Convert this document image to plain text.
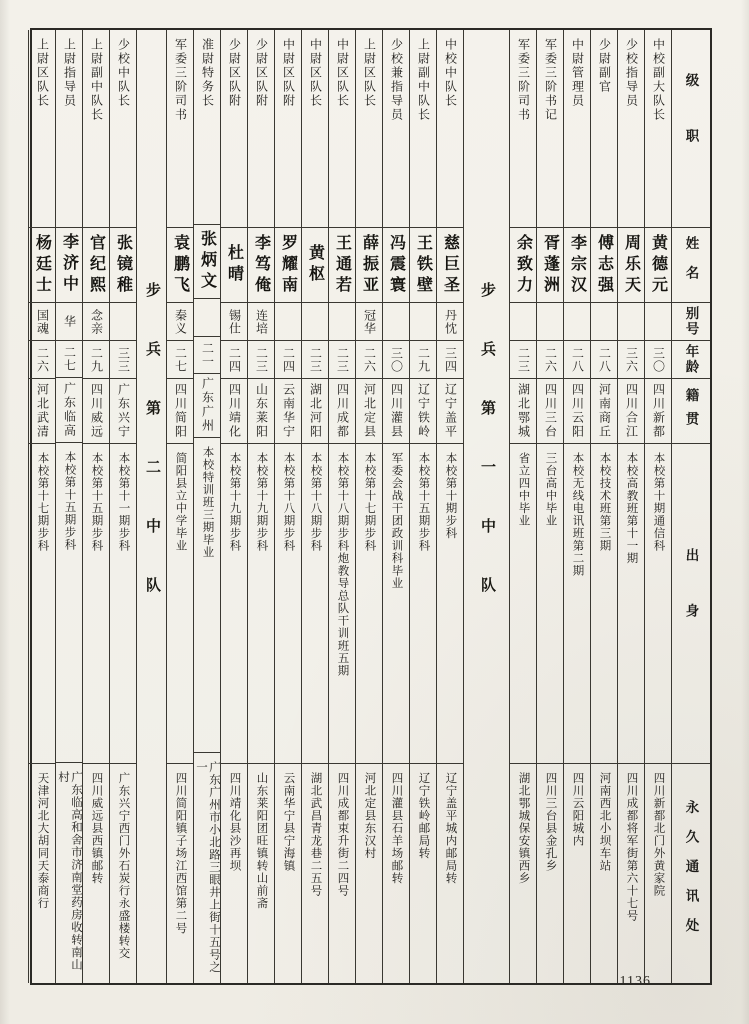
级职
姓名
别号
年龄
籍贯
出身
永久通讯处
中校副大队长
黄德元
三〇
四川新都
本校第十期通信科
四川新都北门外黄家院
少校指导员
周乐天
三六
四川合江
本校高教班第十一期
四川成都将军街第六十七号
少尉副官
傅志强
二八
河南商丘
本校技术班第三期
河南西北小坝车站
中尉管理员
李宗汉
二八
四川云阳
本校无线电讯班第二期
四川云阳城内
军委三阶书记
胥蓬洲
二六
四川三台
三台高中毕业
四川三台县金孔乡
军委三阶司书
余致力
二三
湖北鄂城
省立四中毕业
湖北鄂城保安镇西乡
步兵第一中队
中校中队长
慈巨圣
丹忱
三四
辽宁盖平
本校第十期步科
辽宁盖平城内邮局转
上尉副中队长
王铁壁
二九
辽宁铁岭
本校第十五期步科
辽宁铁岭邮局转
少校兼指导员
冯震寰
三〇
四川灌县
军委会战干团政训科毕业
四川灌县石羊场邮转
上尉区队长
薛振亚
冠华
二六
河北定县
本校第十七期步科
河北定县东汉村
中尉区队长
王通若
二三
四川成都
本校第十八期步科炮教导总队干训班五期
四川成都束升街二四号
中尉区队长
黄枢
二三
湖北河阳
本校第十八期步科
湖北武昌青龙巷二五号
中尉区队附
罗耀南
二四
云南华宁
本校第十八期步科
云南华宁县宁海镇
少尉区队附
李笃俺
连培
二三
山东莱阳
本校第十九期步科
山东莱阳团旺镇转山前斋
少尉区队附
杜晴
锡仕
二四
四川靖化
本校第十九期步科
四川靖化县沙再坝
准尉特务长
张炳文
二一
广东广州
本校特训班三期毕业
广东广州市小北路三眼井上街十五号之一
军委三阶司书
袁鹏飞
秦义
二七
四川简阳
简阳县立中学毕业
四川简阳镇子场江西馆第二号
步兵第二中队
少校中队长
张镜稚
三三
广东兴宁
本校第十一期步科
广东兴宁西门外石炭行永盛楼转交
上尉副中队长
官纪熙
念亲
二九
四川威远
本校第十五期步科
四川威远县西镇邮转
上尉指导员
李济中
华
二七
广东临高
本校第十五期步科
广东临高和舍市济南堂药房收转南山村
上尉区队长
杨廷士
国魂
二六
河北武清
本校第十七期步科
天津河北大胡同天泰商行
1136
